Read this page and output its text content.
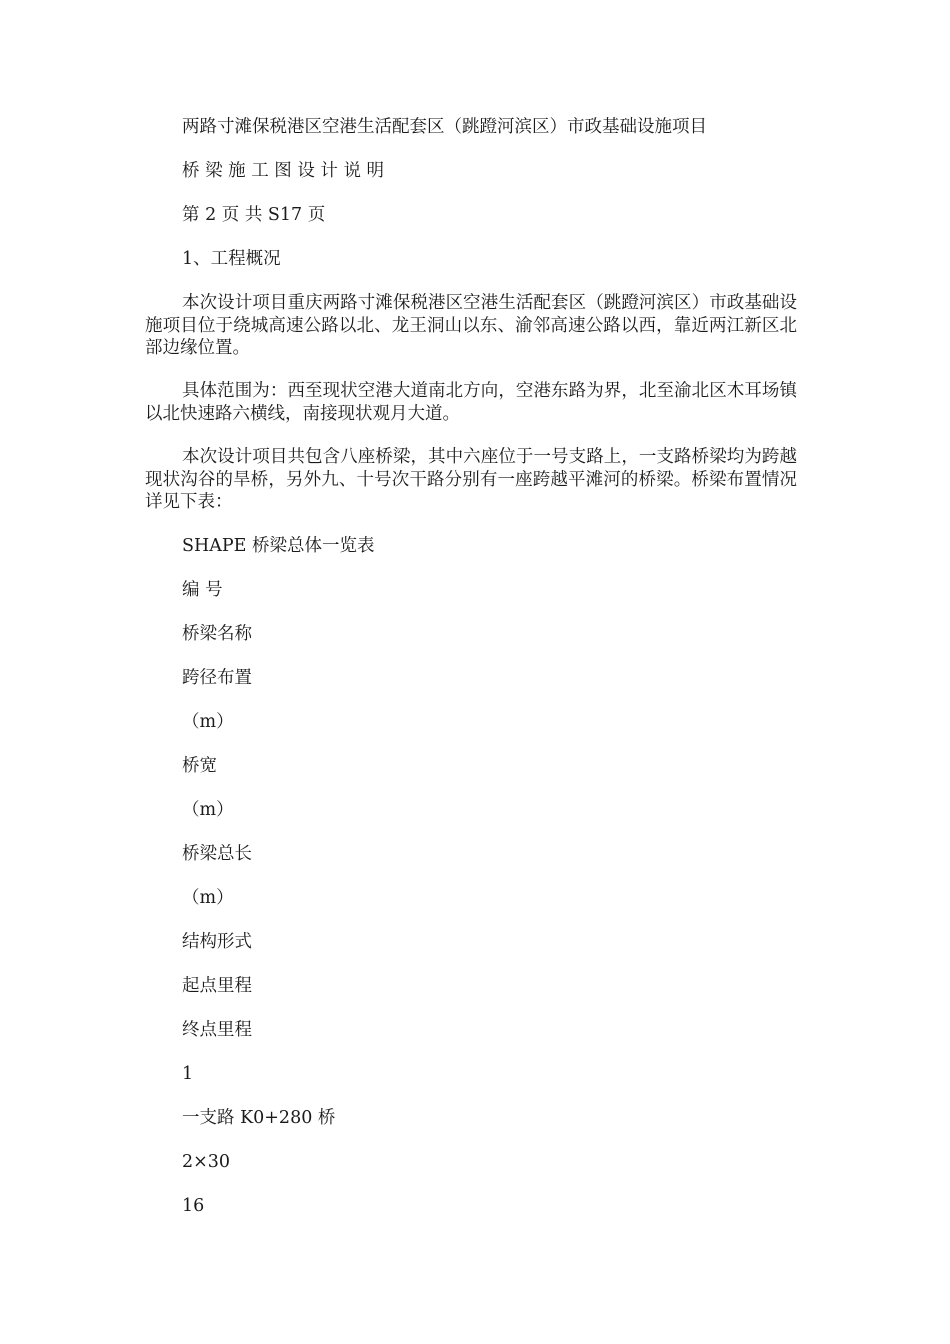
两路寸滩保税港区空港生活配套区（跳蹬河滨区）市政基础设施项目
桥 梁 施 工 图 设 计 说 明
第 2 页 共 S17 页
1、工程概况
本次设计项目重庆两路寸滩保税港区空港生活配套区（跳蹬河滨区）市政基础设施项目位于绕城高速公路以北、龙王洞山以东、渝邻高速公路以西，靠近两江新区北部边缘位置。
具体范围为：西至现状空港大道南北方向，空港东路为界，北至渝北区木耳场镇以北快速路六横线，南接现状观月大道。
本次设计项目共包含八座桥梁，其中六座位于一号支路上，一支路桥梁均为跨越现状沟谷的旱桥，另外九、十号次干路分别有一座跨越平滩河的桥梁。桥梁布置情况详见下表：
SHAPE 桥梁总体一览表
编 号
桥梁名称
跨径布置
（m）
桥宽
（m）
桥梁总长
（m）
结构形式
起点里程
终点里程
1
一支路 K0+280 桥
2×30
16
